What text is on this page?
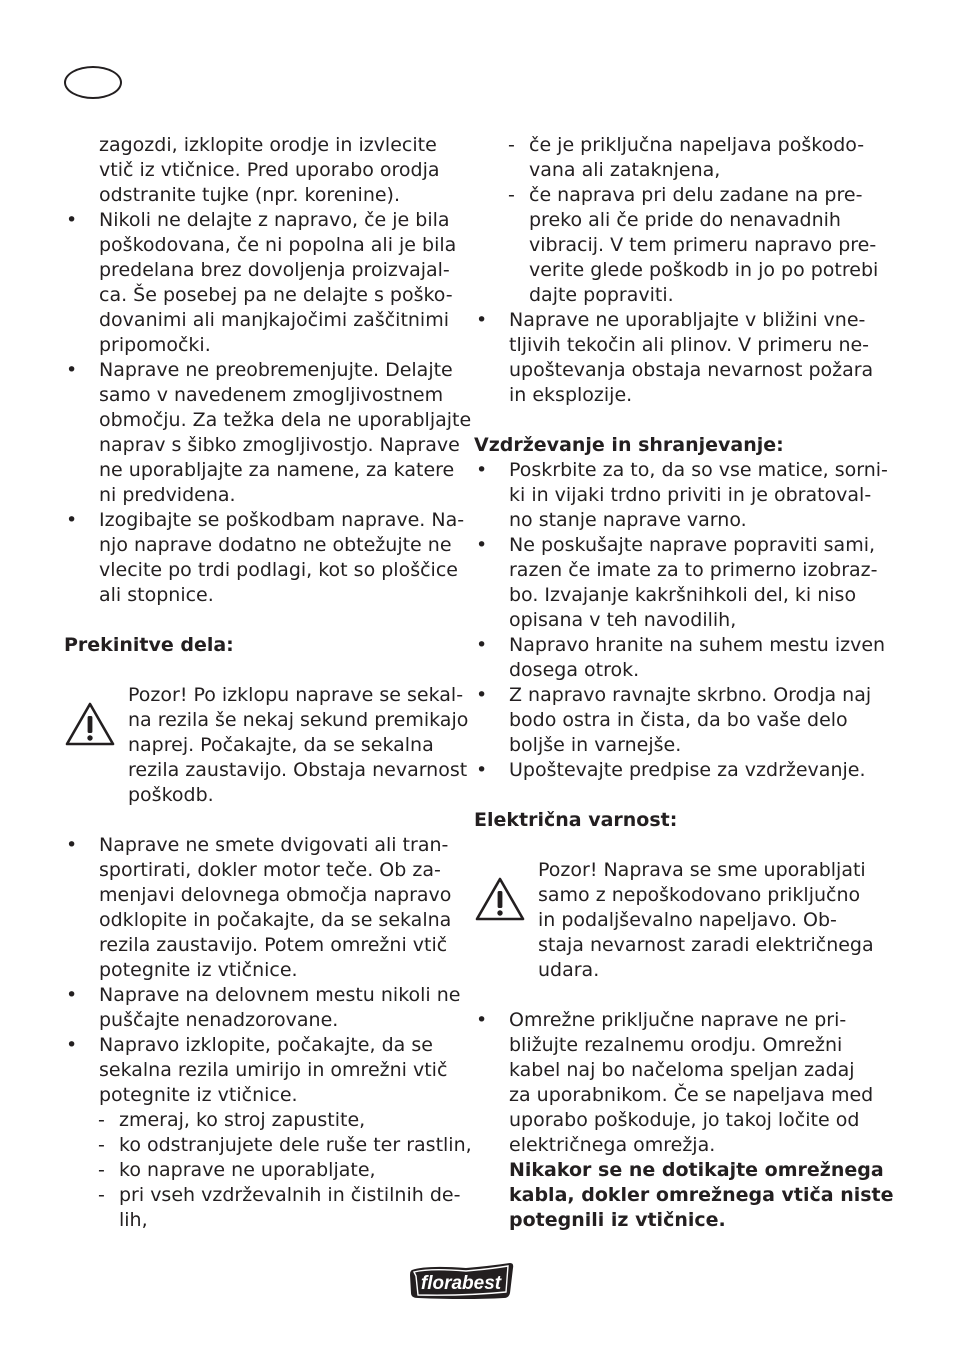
zagozdi, izklopite orodje in izvlecite
vtič iz vtičnice. Pred uporabo orodja
odstranite tujke (npr. korenine).
• Nikoli ne delajte z napravo, če je bila
poškodovana, če ni popolna ali je bila
predelana brez dovoljenja proizvajal-
ca. Še posebej pa ne delajte s poško-
dovanimi ali manjkajočimi zaščitnimi
pripomočki.
• Naprave ne preobremenjujte. Delajte
samo v navedenem zmogljivostnem
območju. Za težka dela ne uporabljajte
naprav s šibko zmogljivostjo. Naprave
ne uporabljajte za namene, za katere
ni predvidena.
• Izogibajte se poškodbam naprave. Na-
njo naprave dodatno ne obtežujte ne
vlecite po trdi podlagi, kot so ploščice
ali stopnice.
Prekinitve dela:
Pozor! Po izklopu naprave se sekal-
na rezila še nekaj sekund premikajo
naprej. Počakajte, da se sekalna
rezila zaustavijo. Obstaja nevarnost
poškodb.
• Naprave ne smete dvigovati ali tran-
sportirati, dokler motor teče. Ob za-
menjavi delovnega območja napravo
odklopite in počakajte, da se sekalna
rezila zaustavijo. Potem omrežni vtič
potegnite iz vtičnice.
• Naprave na delovnem mestu nikoli ne
puščajte nenadzorovane.
• Napravo izklopite, počakajte, da se
sekalna rezila umirijo in omrežni vtič
potegnite iz vtičnice.
- zmeraj, ko stroj zapustite,
- ko odstranjujete dele ruše ter rastlin,
- ko naprave ne uporabljate,
- pri vseh vzdrževalnih in čistilnih de-
lih,
- če je priključna napeljava poškodo-
vana ali zataknjena,
- če naprava pri delu zadane na pre-
preko ali če pride do nenavadnih
vibracij. V tem primeru napravo pre-
verite glede poškodb in jo po potrebi
dajte popraviti.
• Naprave ne uporabljajte v bližini vne-
tljivih tekočin ali plinov. V primeru ne-
upoštevanja obstaja nevarnost požara
in eksplozije.
Vzdrževanje in shranjevanje:
• Poskrbite za to, da so vse matice, sorni-
ki in vijaki trdno priviti in je obratoval-
no stanje naprave varno.
• Ne poskušajte naprave popraviti sami,
razen če imate za to primerno izobraz-
bo. Izvajanje kakršnihkoli del, ki niso
opisana v teh navodilih,
• Napravo hranite na suhem mestu izven
dosega otrok.
• Z napravo ravnajte skrbno. Orodja naj
bodo ostra in čista, da bo vaše delo
boljše in varnejše.
• Upoštevajte predpise za vzdrževanje.
Električna varnost:
Pozor! Naprava se sme uporabljati
samo z nepoškodovano priključno
in podaljševalno napeljavo. Ob-
staja nevarnost zaradi električnega
udara.
• Omrežne priključne naprave ne pri-
bližujte rezalnemu orodju. Omrežni
kabel naj bo načeloma speljan zadaj
za uporabnikom. Če se napeljava med
uporabo poškoduje, jo takoj ločite od
električnega omrežja.
Nikakor se ne dotikajte omrežnega
kabla, dokler omrežnega vtiča niste
potegnili iz vtičnice.
florabest
